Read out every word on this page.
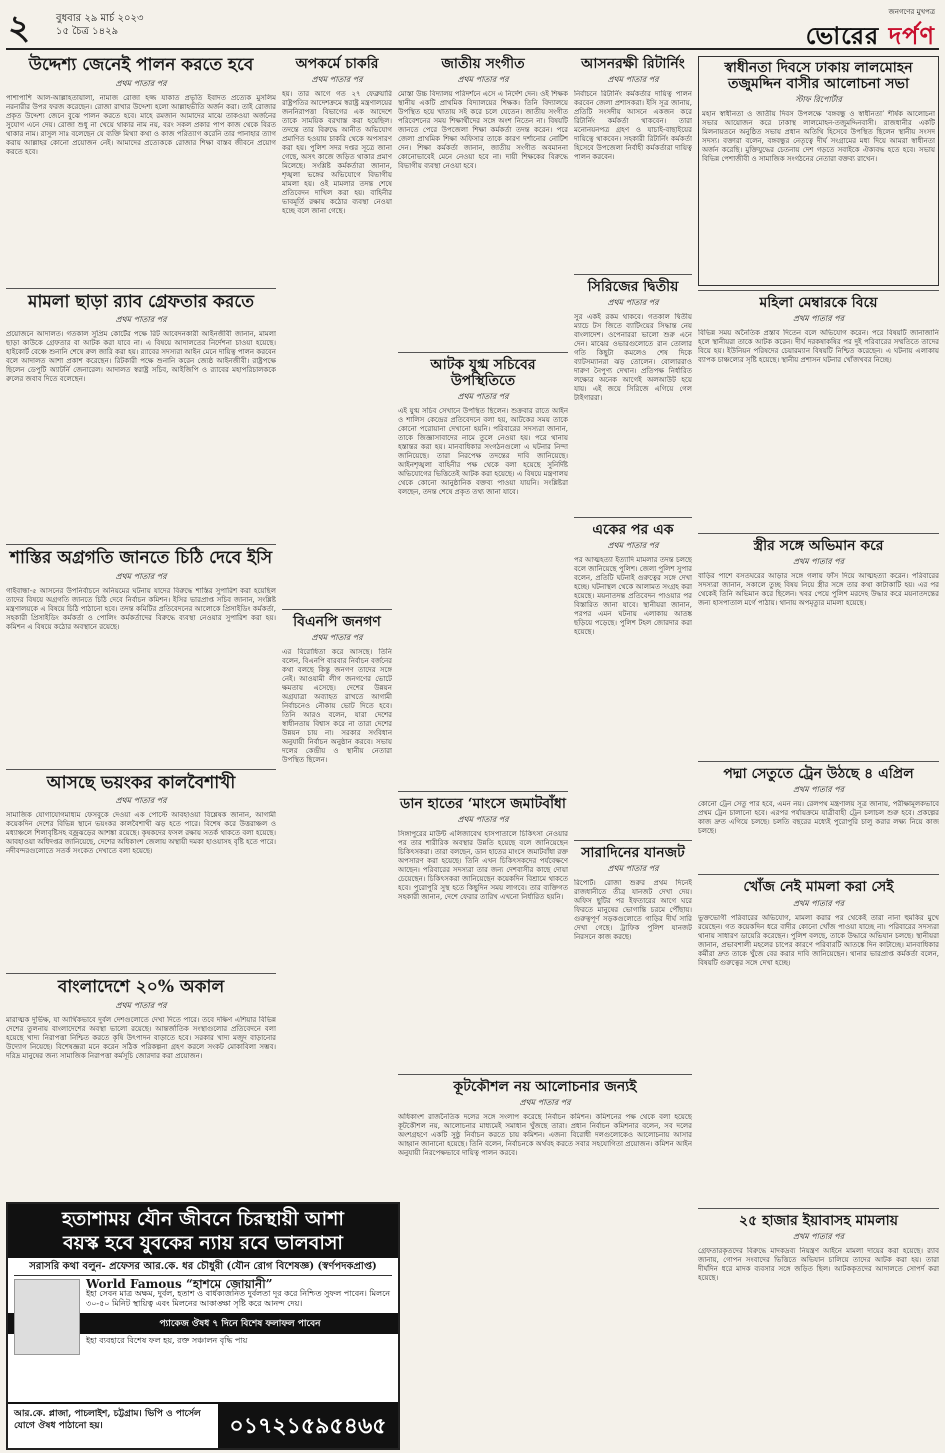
২	বুধবার ২৯ মার্চ ২০২৩
১৫ চৈত্র ১৪২৯
জনগণের মুখপত্র
ভোরের দর্পণ
উদ্দেশ্য জেনেই পালন করতে হবে
প্রথম পাতার পর
পাশাপাশি আল-আল্লাহতায়ালা, নামাজ রোজা হজ্জ যাকাত প্রভৃতি ইবাদত প্রত্যেক মুসলিম নরনারীর উপর ফরজ করেছেন। রোজা রাখার উদ্দেশ্য হলো আল্লাহভীতি অর্জন করা। তাই রোজার প্রকৃত উদ্দেশ্য জেনে বুঝে পালন করতে হবে। মাহে রমজান আমাদের মাঝে তাকওয়া অর্জনের সুযোগ এনে দেয়। রোজা শুধু না খেয়ে থাকার নাম নয়, বরং সকল প্রকার পাপ কাজ থেকে বিরত থাকার নাম। রাসুল সাঃ বলেছেন যে ব্যক্তি মিথ্যা কথা ও কাজ পরিত্যাগ করেনি তার পানাহার ত্যাগ করায় আল্লাহর কোনো প্রয়োজন নেই। আমাদের প্রত্যেককে রোজার শিক্ষা বাস্তব জীবনে প্রয়োগ করতে হবে।
মামলা ছাড়া র‍্যাব গ্রেফতার করতে
প্রথম পাতার পর
প্রয়োজনে আদালত। গতকাল সুপ্রিম কোর্টের পক্ষে রিট আবেদনকারী আইনজীবী জানান, মামলা ছাড়া কাউকে গ্রেফতার বা আটক করা যাবে না। এ বিষয়ে আদালতের নির্দেশনা চাওয়া হয়েছে। হাইকোর্ট বেঞ্চে শুনানি শেষে রুল জারি করা হয়। র‍্যাবের সদস্যরা আইন মেনে দায়িত্ব পালন করবেন বলে আদালত আশা প্রকাশ করেছেন। রিটকারী পক্ষে শুনানি করেন জ্যেষ্ঠ আইনজীবী। রাষ্ট্রপক্ষে ছিলেন ডেপুটি অ্যাটর্নি জেনারেল। আদালত স্বরাষ্ট্র সচিব, আইজিপি ও র‍্যাবের মহাপরিচালককে রুলের জবাব দিতে বলেছেন।
শাস্তির অগ্রগতি জানতে চিঠি দেবে ইসি
প্রথম পাতার পর
গাইবান্ধা-৫ আসনের উপনির্বাচনে অনিয়মের ঘটনায় যাদের বিরুদ্ধে শাস্তির সুপারিশ করা হয়েছিল তাদের বিষয়ে অগ্রগতি জানতে চিঠি দেবে নির্বাচন কমিশন। ইসির ভারপ্রাপ্ত সচিব জানান, সংশ্লিষ্ট মন্ত্রণালয়কে এ বিষয়ে চিঠি পাঠানো হবে। তদন্ত কমিটির প্রতিবেদনের আলোকে প্রিসাইডিং কর্মকর্তা, সহকারী প্রিসাইডিং কর্মকর্তা ও পোলিং কর্মকর্তাদের বিরুদ্ধে ব্যবস্থা নেওয়ার সুপারিশ করা হয়। কমিশন এ বিষয়ে কঠোর অবস্থানে রয়েছে।
আসছে ভয়ংকর কালবৈশাখী
প্রথম পাতার পর
সামাজিক যোগাযোগমাধ্যম ফেসবুকে দেওয়া এক পোস্টে আবহাওয়া বিশ্লেষক জানান, আগামী কয়েকদিন দেশের বিভিন্ন স্থানে ভয়ংকর কালবৈশাখী ঝড় হতে পারে। বিশেষ করে উত্তরাঞ্চল ও মধ্যাঞ্চলে শিলাবৃষ্টিসহ বজ্রঝড়ের আশঙ্কা রয়েছে। কৃষকদের ফসল রক্ষায় সতর্ক থাকতে বলা হয়েছে। আবহাওয়া অধিদপ্তর জানিয়েছে, দেশের অধিকাংশ জেলায় অস্থায়ী দমকা হাওয়াসহ বৃষ্টি হতে পারে। নদীবন্দরগুলোতে সতর্ক সংকেত দেখাতে বলা হয়েছে।
বাংলাদেশে ২০% অকাল
প্রথম পাতার পর
মারাত্মক দুর্ভিক্ষ, যা আর্থিকভাবে দুর্বল দেশগুলোতে দেখা দিতে পারে। তবে দক্ষিণ এশিয়ার বিভিন্ন দেশের তুলনায় বাংলাদেশের অবস্থা ভালো রয়েছে। আন্তর্জাতিক সংস্থাগুলোর প্রতিবেদনে বলা হয়েছে খাদ্য নিরাপত্তা নিশ্চিত করতে কৃষি উৎপাদন বাড়াতে হবে। সরকার খাদ্য মজুদ বাড়ানোর উদ্যোগ নিয়েছে। বিশেষজ্ঞরা মনে করেন সঠিক পরিকল্পনা গ্রহণ করলে সংকট মোকাবিলা সম্ভব। দরিদ্র মানুষের জন্য সামাজিক নিরাপত্তা কর্মসূচি জোরদার করা প্রয়োজন।
অপকর্মে চাকরি
প্রথম পাতার পর
হয়। তার আগে গত ২৭ ফেব্রুয়ারি রাষ্ট্রপতির আদেশক্রমে স্বরাষ্ট্র মন্ত্রণালয়ের জননিরাপত্তা বিভাগের এক আদেশে তাকে সাময়িক বরখাস্ত করা হয়েছিল। তদন্তে তার বিরুদ্ধে আনীত অভিযোগ প্রমাণিত হওয়ায় চাকরি থেকে অপসারণ করা হয়। পুলিশ সদর দপ্তর সূত্রে জানা গেছে, অসৎ কাজে জড়িত থাকার প্রমাণ মিলেছে। সংশ্লিষ্ট কর্মকর্তারা জানান, শৃঙ্খলা ভঙ্গের অভিযোগে বিভাগীয় মামলা হয়। ওই মামলার তদন্ত শেষে প্রতিবেদন দাখিল করা হয়। বাহিনীর ভাবমূর্তি রক্ষায় কঠোর ব্যবস্থা নেওয়া হচ্ছে বলে জানা গেছে।
বিএনপি জনগণ
প্রথম পাতার পর
এর বিরোধিতা করে আসছে। তিনি বলেন, বিএনপি বারবার নির্বাচন বর্জনের কথা বলছে কিন্তু জনগণ তাদের সঙ্গে নেই। আওয়ামী লীগ জনগণের ভোটে ক্ষমতায় এসেছে। দেশের উন্নয়ন অগ্রযাত্রা অব্যাহত রাখতে আগামী নির্বাচনেও নৌকায় ভোট দিতে হবে। তিনি আরও বলেন, যারা দেশের স্বাধীনতায় বিশ্বাস করে না তারা দেশের উন্নয়ন চায় না। সরকার সংবিধান অনুযায়ী নির্বাচন অনুষ্ঠান করবে। সভায় দলের কেন্দ্রীয় ও স্থানীয় নেতারা উপস্থিত ছিলেন।
জাতীয় সংগীত
প্রথম পাতার পর
মোস্তা উচ্চ বিদ্যালয় পরিদর্শনে এসে এ নির্দেশ দেন। ওই শিক্ষক স্থানীয় একটি প্রাথমিক বিদ্যালয়ের শিক্ষক। তিনি বিদ্যালয়ে উপস্থিত হয়ে খাতায় সই করে চলে যেতেন। জাতীয় সংগীত পরিবেশনের সময় শিক্ষার্থীদের সঙ্গে অংশ নিতেন না। বিষয়টি জানতে পেরে উপজেলা শিক্ষা কর্মকর্তা তদন্ত করেন। পরে জেলা প্রাথমিক শিক্ষা অফিসার তাকে কারণ দর্শানোর নোটিশ দেন। শিক্ষা কর্মকর্তা জানান, জাতীয় সংগীত অবমাননা কোনোভাবেই মেনে নেওয়া হবে না। দায়ী শিক্ষকের বিরুদ্ধে বিভাগীয় ব্যবস্থা নেওয়া হবে।
আটক যুগ্ম সচিবের উপস্থিতিতে
প্রথম পাতার পর
এই যুগ্ম সচিব সেখানে উপস্থিত ছিলেন। শুক্রবার রাতে আইন ও শালিস কেন্দ্রের প্রতিবেদনে বলা হয়, আটকের সময় তাকে কোনো পরোয়ানা দেখানো হয়নি। পরিবারের সদস্যরা জানান, তাকে জিজ্ঞাসাবাদের নামে তুলে নেওয়া হয়। পরে থানায় হস্তান্তর করা হয়। মানবাধিকার সংগঠনগুলো এ ঘটনার নিন্দা জানিয়েছে। তারা নিরপেক্ষ তদন্তের দাবি জানিয়েছে। আইনশৃঙ্খলা বাহিনীর পক্ষ থেকে বলা হয়েছে সুনির্দিষ্ট অভিযোগের ভিত্তিতেই আটক করা হয়েছে। এ বিষয়ে মন্ত্রণালয় থেকে কোনো আনুষ্ঠানিক বক্তব্য পাওয়া যায়নি। সংশ্লিষ্টরা বলছেন, তদন্ত শেষে প্রকৃত তথ্য জানা যাবে।
ডান হাতের ‘মাংসে জমাটবাঁধা
প্রথম পাতার পর
সিঙ্গাপুরের মাউন্ট এলিজাবেথ হাসপাতালে চিকিৎসা নেওয়ার পর তার শারীরিক অবস্থার উন্নতি হয়েছে বলে জানিয়েছেন চিকিৎসকরা। তারা বলছেন, ডান হাতের মাংসে জমাটবাঁধা রক্ত অপসারণ করা হয়েছে। তিনি এখন চিকিৎসকদের পর্যবেক্ষণে আছেন। পরিবারের সদস্যরা তার জন্য দেশবাসীর কাছে দোয়া চেয়েছেন। চিকিৎসকরা জানিয়েছেন কয়েকদিন বিশ্রামে থাকতে হবে। পুরোপুরি সুস্থ হতে কিছুদিন সময় লাগবে। তার ব্যক্তিগত সহকারী জানান, দেশে ফেরার তারিখ এখনো নির্ধারিত হয়নি।
কূটকৌশল নয় আলোচনার জন্যই
প্রথম পাতার পর
অধিকাংশ রাজনৈতিক দলের সঙ্গে সংলাপ করেছে নির্বাচন কমিশন। কমিশনের পক্ষ থেকে বলা হয়েছে কূটকৌশল নয়, আলোচনার মাধ্যমেই সমাধান খুঁজছে তারা। প্রধান নির্বাচন কমিশনার বলেন, সব দলের অংশগ্রহণে একটি সুষ্ঠু নির্বাচন করতে চায় কমিশন। এজন্য বিরোধী দলগুলোকেও আলোচনায় আসার আহ্বান জানানো হয়েছে। তিনি বলেন, নির্বাচনকে অর্থবহ করতে সবার সহযোগিতা প্রয়োজন। কমিশন আইন অনুযায়ী নিরপেক্ষভাবে দায়িত্ব পালন করবে।
আসনরক্ষী রিটার্নিং
প্রথম পাতার পর
নির্বাচনে রিটার্নিং কর্মকর্তার দায়িত্ব পালন করবেন জেলা প্রশাসকরা। ইসি সূত্র জানায়, প্রতিটি সংসদীয় আসনে একজন করে রিটার্নিং কর্মকর্তা থাকবেন। তারা মনোনয়নপত্র গ্রহণ ও যাচাই-বাছাইয়ের দায়িত্বে থাকবেন। সহকারী রিটার্নিং কর্মকর্তা হিসেবে উপজেলা নির্বাহী কর্মকর্তারা দায়িত্ব পালন করবেন।
সিরিজের দ্বিতীয়
প্রথম পাতার পর
সুর একই রকম থাকবে। গতকাল দ্বিতীয় ম্যাচে টস জিতে ব্যাটিংয়ের সিদ্ধান্ত নেয় বাংলাদেশ। ওপেনাররা ভালো শুরু এনে দেন। মাঝের ওভারগুলোতে রান তোলার গতি কিছুটা কমলেও শেষ দিকে ব্যাটসম্যানরা ঝড় তোলেন। বোলাররাও দারুণ নৈপুণ্য দেখান। প্রতিপক্ষ নির্ধারিত লক্ষ্যের অনেক আগেই অলআউট হয়ে যায়। এই জয়ে সিরিজে এগিয়ে গেল টাইগাররা।
একের পর এক
প্রথম পাতার পর
পর আত্মহত্যা ইত্যাদি মামলার তদন্ত চলছে বলে জানিয়েছে পুলিশ। জেলা পুলিশ সুপার বলেন, প্রতিটি ঘটনাই গুরুত্বের সঙ্গে দেখা হচ্ছে। ঘটনাস্থল থেকে আলামত সংগ্রহ করা হয়েছে। ময়নাতদন্ত প্রতিবেদন পাওয়ার পর বিস্তারিত জানা যাবে। স্থানীয়রা জানান, পরপর এমন ঘটনায় এলাকায় আতঙ্ক ছড়িয়ে পড়েছে। পুলিশ টহল জোরদার করা হয়েছে।
সারাদিনের যানজট
প্রথম পাতার পর
রিপোর্ট। রোজা শুরুর প্রথম দিনেই রাজধানীতে তীব্র যানজট দেখা দেয়। অফিস ছুটির পর ইফতারের আগে ঘরে ফিরতে মানুষের ভোগান্তি চরমে পৌঁছায়। গুরুত্বপূর্ণ সড়কগুলোতে গাড়ির দীর্ঘ সারি দেখা গেছে। ট্রাফিক পুলিশ যানজট নিরসনে কাজ করছে।
স্বাধীনতা দিবসে ঢাকায় লালমোহন তজুমদ্দিন বাসীর আলোচনা সভা
স্টাফ রিপোর্টার
মহান স্বাধীনতা ও জাতীয় দিবস উপলক্ষে ‘বঙ্গবন্ধু ও স্বাধীনতা’ শীর্ষক আলোচনা সভার আয়োজন করে ঢাকাস্থ লালমোহন-তজুমদ্দিনবাসী। রাজধানীর একটি মিলনায়তনে অনুষ্ঠিত সভায় প্রধান অতিথি হিসেবে উপস্থিত ছিলেন স্থানীয় সংসদ সদস্য। বক্তারা বলেন, বঙ্গবন্ধুর নেতৃত্বে দীর্ঘ সংগ্রামের মধ্য দিয়ে আমরা স্বাধীনতা অর্জন করেছি। মুক্তিযুদ্ধের চেতনায় দেশ গড়তে সবাইকে ঐক্যবদ্ধ হতে হবে। সভায় বিভিন্ন পেশাজীবী ও সামাজিক সংগঠনের নেতারা বক্তব্য রাখেন।
মহিলা মেম্বারকে বিয়ে
প্রথম পাতার পর
বিভিন্ন সময় অনৈতিক প্রস্তাব দিতেন বলে অভিযোগ করেন। পরে বিষয়টি জানাজানি হলে স্থানীয়রা তাকে আটক করেন। দীর্ঘ দরকষাকষির পর দুই পরিবারের সম্মতিতে তাদের বিয়ে হয়। ইউনিয়ন পরিষদের চেয়ারম্যান বিষয়টি নিশ্চিত করেছেন। এ ঘটনায় এলাকায় ব্যাপক চাঞ্চল্যের সৃষ্টি হয়েছে। স্থানীয় প্রশাসন ঘটনার খোঁজখবর নিচ্ছে।
স্ত্রীর সঙ্গে অভিমান করে
প্রথম পাতার পর
বাড়ির পাশে বসতঘরের আড়ার সঙ্গে গলায় ফাঁস দিয়ে আত্মহত্যা করেন। পরিবারের সদস্যরা জানান, সকালে তুচ্ছ বিষয় নিয়ে স্ত্রীর সঙ্গে তার কথা কাটাকাটি হয়। এর পর থেকেই তিনি অভিমান করে ছিলেন। খবর পেয়ে পুলিশ মরদেহ উদ্ধার করে ময়নাতদন্তের জন্য হাসপাতাল মর্গে পাঠায়। থানায় অপমৃত্যুর মামলা হয়েছে।
পদ্মা সেতুতে ট্রেন উঠছে ৪ এপ্রিল
প্রথম পাতার পর
কোনো ট্রেন সেতু পার হবে, এমন নয়। রেলপথ মন্ত্রণালয় সূত্র জানায়, পরীক্ষামূলকভাবে প্রথম ট্রেন চালানো হবে। এরপর পর্যায়ক্রমে যাত্রীবাহী ট্রেন চলাচল শুরু হবে। প্রকল্পের কাজ দ্রুত এগিয়ে চলছে। চলতি বছরের মধ্যেই পুরোপুরি চালু করার লক্ষ্য নিয়ে কাজ চলছে।
খোঁজ নেই মামলা করা সেই
প্রথম পাতার পর
ভুক্তভোগী পরিবারের অভিযোগ, মামলা করার পর থেকেই তারা নানা হুমকির মুখে রয়েছেন। গত কয়েকদিন ধরে বাদীর কোনো খোঁজ পাওয়া যাচ্ছে না। পরিবারের সদস্যরা থানায় সাধারণ ডায়েরি করেছেন। পুলিশ বলছে, তাকে উদ্ধারে অভিযান চলছে। স্থানীয়রা জানান, প্রভাবশালী মহলের চাপের কারণে পরিবারটি আতঙ্কে দিন কাটাচ্ছে। মানবাধিকার কর্মীরা দ্রুত তাকে খুঁজে বের করার দাবি জানিয়েছেন। থানার ভারপ্রাপ্ত কর্মকর্তা বলেন, বিষয়টি গুরুত্বের সঙ্গে দেখা হচ্ছে।
২৫ হাজার ইয়াবাসহ মামলায়
প্রথম পাতার পর
গ্রেফতারকৃতদের বিরুদ্ধে মাদকদ্রব্য নিয়ন্ত্রণ আইনে মামলা দায়ের করা হয়েছে। র‍্যাব জানায়, গোপন সংবাদের ভিত্তিতে অভিযান চালিয়ে তাদের আটক করা হয়। তারা দীর্ঘদিন ধরে মাদক ব্যবসার সঙ্গে জড়িত ছিল। আটককৃতদের আদালতে সোপর্দ করা হয়েছে।
হতাশাময় যৌন জীবনে চিরস্থায়ী আশা
বয়স্ক হবে যুবকের ন্যায় রবে ভালবাসা
সরাসরি কথা বলুন- প্রফেসর আর.কে. ধর চৌধুরী (যৌন রোগ বিশেষজ্ঞ) (স্বর্ণপদকপ্রাপ্ত)
World Famous “হাশমে জোয়ানী”
ইহা সেবন মাত্র অক্ষম, দুর্বল, হতাশ ও বার্ধক্যজনিত দুর্বলতা দূর করে নিশ্চিত সুফল পাবেন। মিলনে ৩০-৫০ মিনিট স্থায়িত্ব এবং মিলনের আকাঙ্ক্ষা সৃষ্টি করে আনন্দ দেয়।
প্যাকেজ ঔষধ ৭ দিনে বিশেষ ফলাফল পাবেন
ইহা ব্যবহারে বিশেষ ফল হয়, রক্ত সঞ্চালন বৃদ্ধি পায়
আর.কে. প্লাজা, পাচলাইশ, চট্টগ্রাম। ভিপি ও পার্সেল যোগে ঔষধ পাঠানো হয়।	০১৭২১৫৯৫৪৬৫
